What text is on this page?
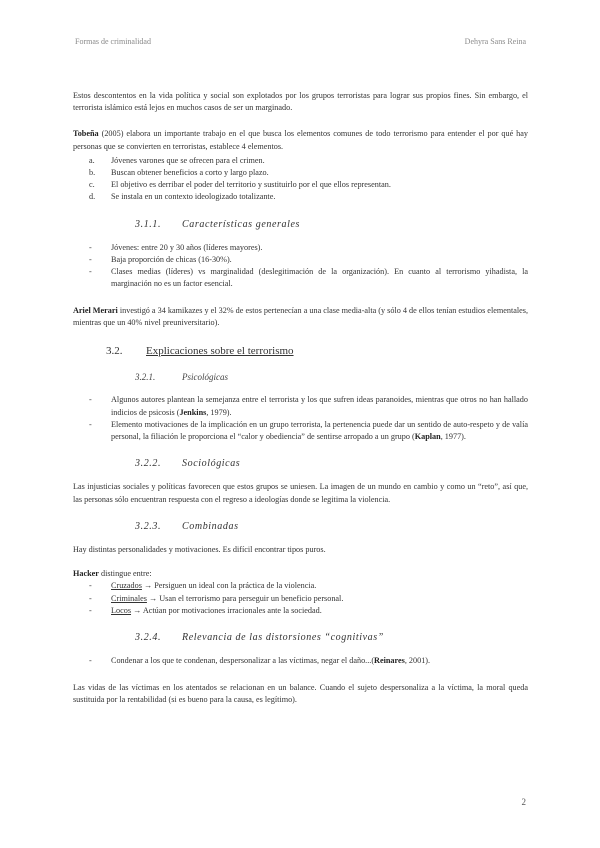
Formas de criminalidad	Dehyra Sans Reina

Estos descontentos en la vida política y social son explotados por los grupos terroristas para lograr sus propios fines. Sin embargo, el terrorista islámico está lejos en muchos casos de ser un marginado.

Tobeña (2005) elabora un importante trabajo en el que busca los elementos comunes de todo terrorismo para entender el por qué hay personas que se convierten en terroristas, establece 4 elementos.

a. Jóvenes varones que se ofrecen para el crimen.
b. Buscan obtener beneficios a corto y largo plazo.
c. El objetivo es derribar el poder del territorio y sustituirlo por el que ellos representan.
d. Se instala en un contexto ideologizado totalizante.
3.1.1. Características generales
- Jóvenes: entre 20 y 30 años (líderes mayores).
- Baja proporción de chicas (16-30%).
- Clases medias (líderes) vs marginalidad (deslegitimación de la organización). En cuanto al terrorismo yihadista, la marginación no es un factor esencial.

Ariel Merari investigó a 34 kamikazes y el 32% de estos pertenecían a una clase media-alta (y sólo 4 de ellos tenían estudios elementales, mientras que un 40% nivel preuniversitario).

3.2. Explicaciones sobre el terrorismo
3.2.1.	Psicológicas
- Algunos autores plantean la semejanza entre el terrorista y los que sufren ideas paranoides, mientras que otros no han hallado indicios de psicosis (Jenkins, 1979).
- Elemento motivaciones de la implicación en un grupo terrorista, la pertenencia puede dar un sentido de auto-respeto y de valía personal, la filiación le proporciona el “calor y obediencia” de sentirse arropado a un grupo (Kaplan, 1977).
3.2.2. Sociológicas

Las injusticias sociales y políticas favorecen que estos grupos se uniesen. La imagen de un mundo en cambio y como un “reto”, así que, las personas sólo encuentran respuesta con el regreso a ideologías donde se legitima la violencia.

3.2.3. Combinadas

Hay distintas personalidades y motivaciones. Es difícil encontrar tipos puros.

Hacker distingue entre:

- Cruzados → Persiguen un ideal con la práctica de la violencia.
- Criminales → Usan el terrorismo para perseguir un beneficio personal.
- Locos → Actúan por motivaciones irracionales ante la sociedad.
3.2.4. Relevancia de las distorsiones “cognitivas”
- Condenar a los que te condenan, despersonalizar a las víctimas, negar el daño...(Reinares, 2001).

Las vidas de las víctimas en los atentados se relacionan en un balance. Cuando el sujeto despersonaliza a la víctima, la moral queda sustituida por la rentabilidad (si es bueno para la causa, es legítimo).

2
